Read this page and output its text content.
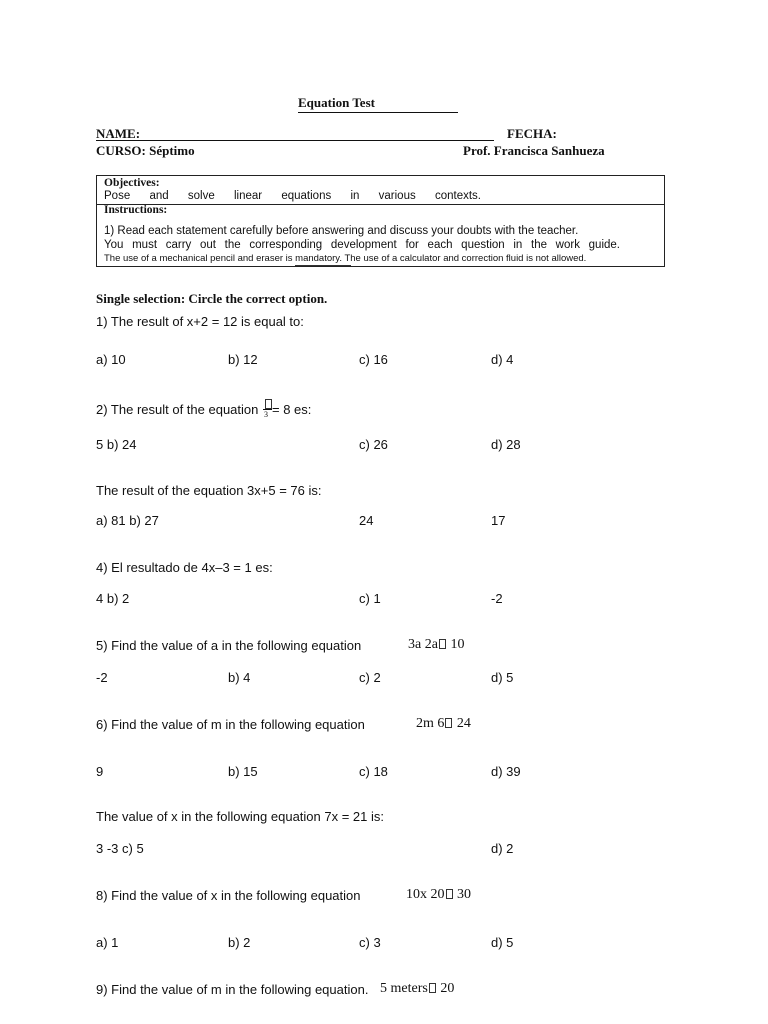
Equation Test
NAME:	FECHA:
CURSO: Séptimo	Prof. Francisca Sanhueza
Objectives:
Pose and solve linear equations in various contexts.
Instructions:
1) Read each statement carefully before answering and discuss your doubts with the teacher.
You must carry out the corresponding development for each question in the work guide.
The use of a mechanical pencil and eraser is mandatory. The use of a calculator and correction fluid is not allowed.
Single selection: Circle the correct option.
1) The result of x+2 = 12 is equal to:
a) 10	b) 12	c) 16	d) 4
2) The result of the equation 3 = 8 es:
5 b) 24	c) 26	d) 28
The result of the equation 3x+5 = 76 is:
a) 81 b) 27	24	17
4) El resultado de 4x–3 = 1 es:
4 b) 2	c) 1	-2
5) Find the value of a in the following equation	3a 2a 10
-2	b) 4	c) 2	d) 5
6) Find the value of m in the following equation	2m 6 24
9	b) 15	c) 18	d) 39
The value of x in the following equation 7x = 21 is:
3 -3 c) 5	d) 2
8) Find the value of x in the following equation	10x 20 30
a) 1	b) 2	c) 3	d) 5
9) Find the value of m in the following equation. 5 meters 20
